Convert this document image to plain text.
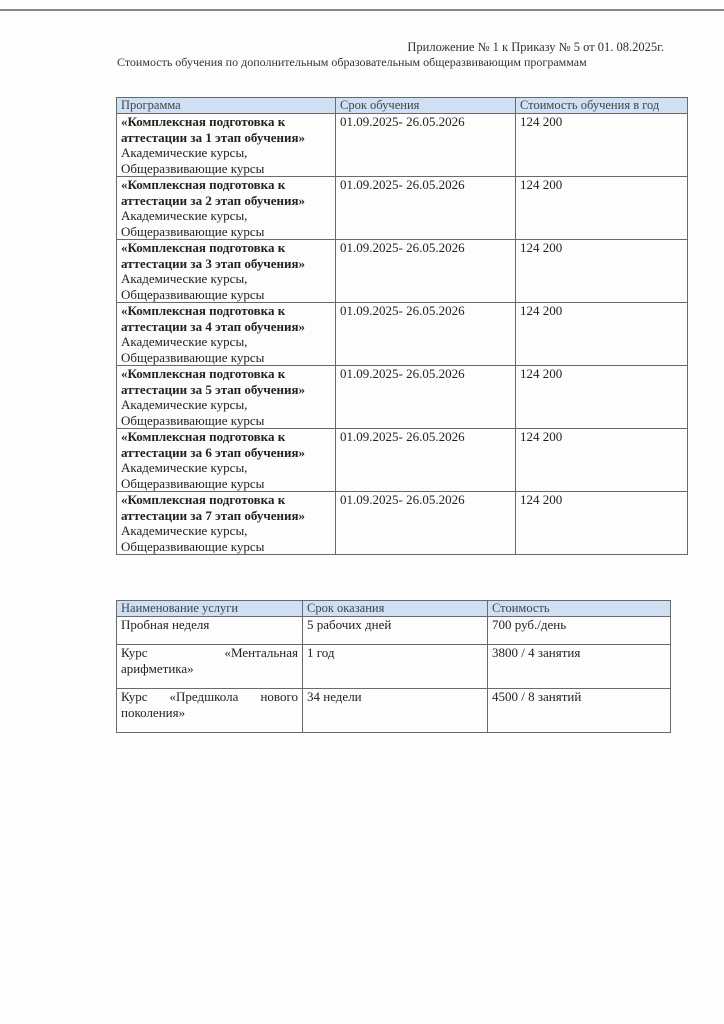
Приложение № 1 к Приказу № 5 от 01. 08.2025г.
Стоимость обучения по дополнительным образовательным общеразвивающим программам
Программа	Срок обучения	Стоимость обучения в год
«Комплексная подготовка к аттестации за 1 этап обучения»
Академические курсы, Общеразвивающие курсы	01.09.2025- 26.05.2026	124 200
«Комплексная подготовка к аттестации за 2 этап обучения»
Академические курсы, Общеразвивающие курсы	01.09.2025- 26.05.2026	124 200
«Комплексная подготовка к аттестации за 3 этап обучения»
Академические курсы, Общеразвивающие курсы	01.09.2025- 26.05.2026	124 200
«Комплексная подготовка к аттестации за 4 этап обучения»
Академические курсы, Общеразвивающие курсы	01.09.2025- 26.05.2026	124 200
«Комплексная подготовка к аттестации за 5 этап обучения»
Академические курсы, Общеразвивающие курсы	01.09.2025- 26.05.2026	124 200
«Комплексная подготовка к аттестации за 6 этап обучения»
Академические курсы, Общеразвивающие курсы	01.09.2025- 26.05.2026	124 200
«Комплексная подготовка к аттестации за 7 этап обучения»
Академические курсы, Общеразвивающие курсы	01.09.2025- 26.05.2026	124 200
Наименование услуги	Срок оказания	Стоимость
Пробная неделя	5 рабочих дней	700 руб./день
Курс «Ментальная арифметика»	1 год	3800 / 4 занятия
Курс «Предшкола нового поколения»	34 недели	4500 / 8 занятий
